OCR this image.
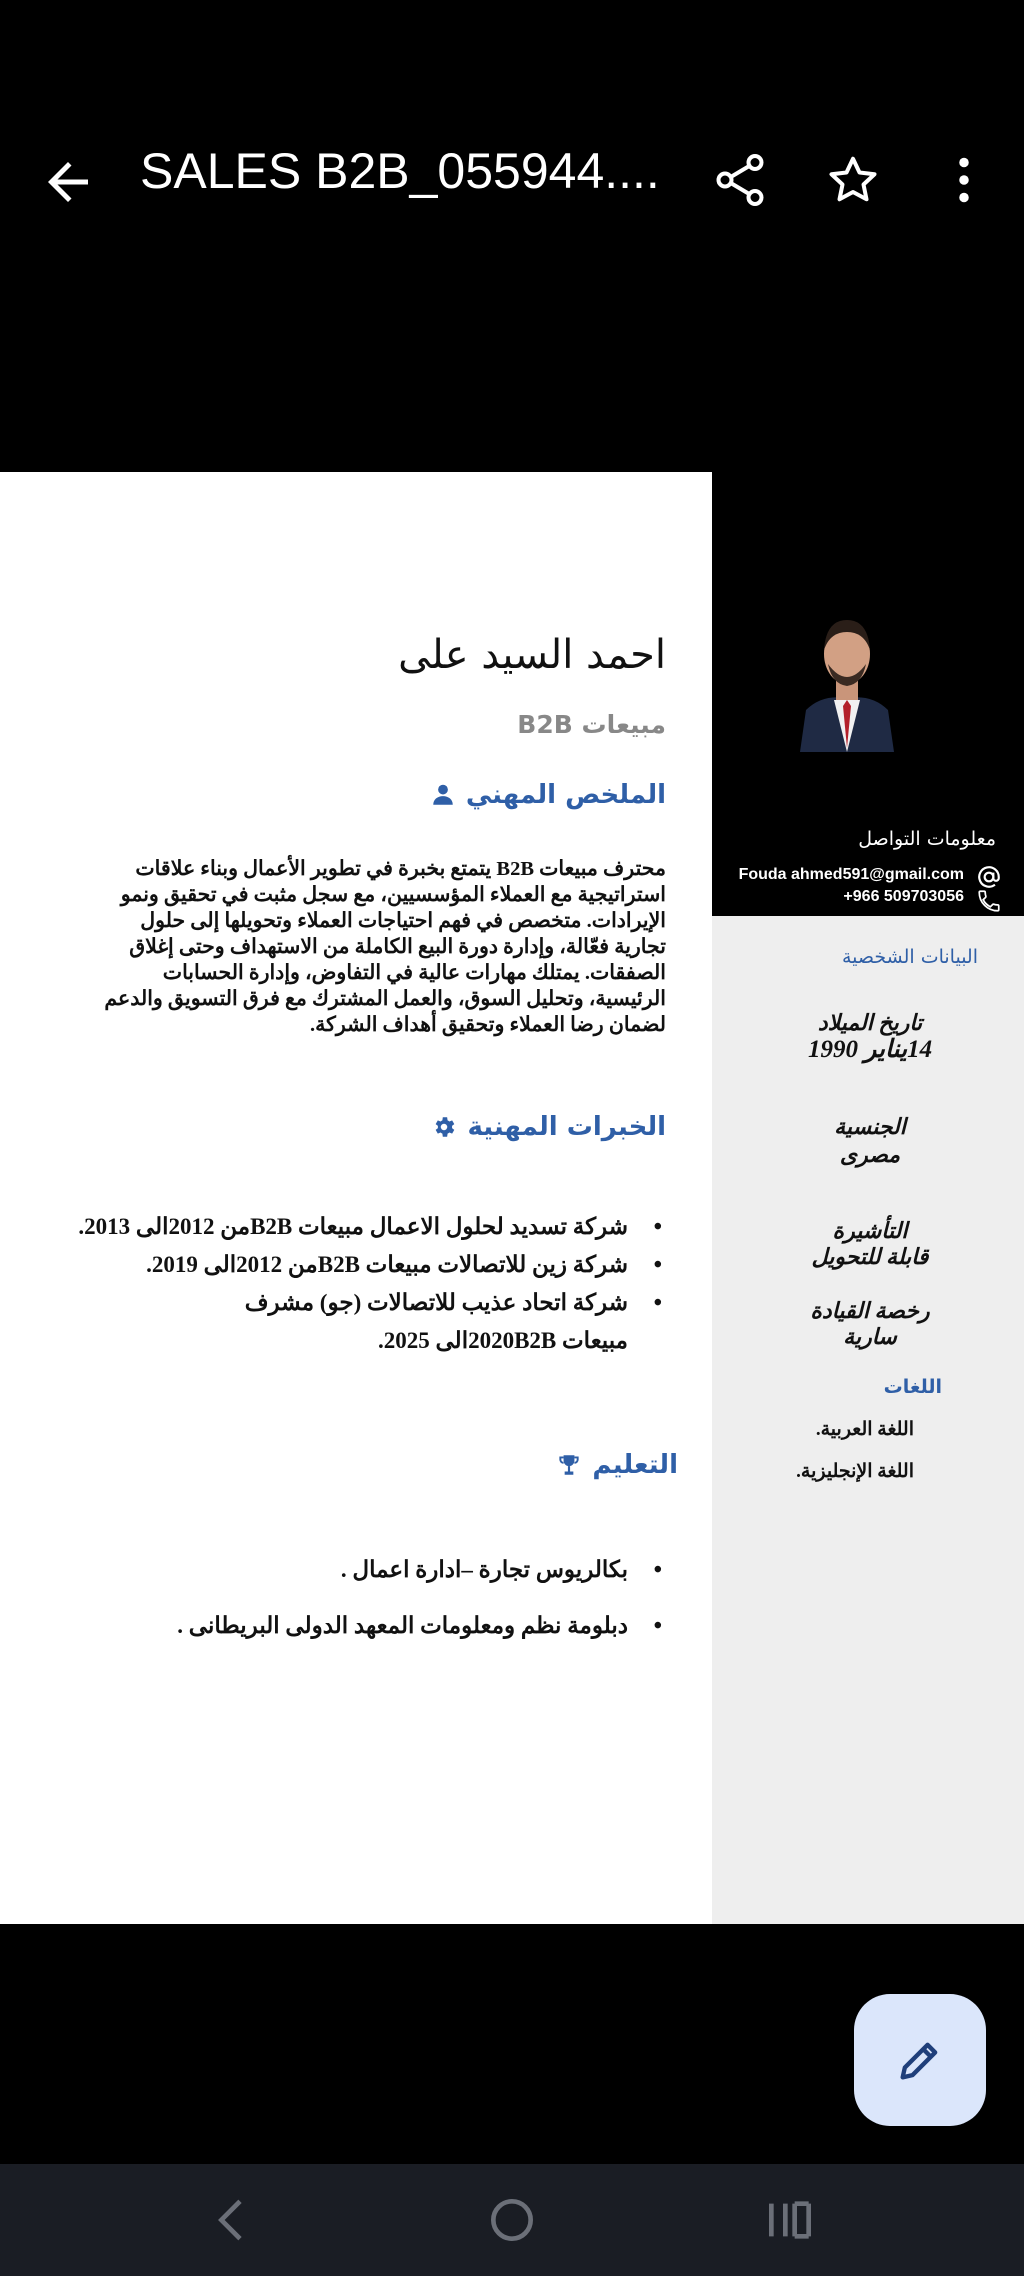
SALES B2B_055944....
معلومات التواصل
Fouda ahmed591@gmail.com
+966 509703056
البيانات الشخصية
تاريخ الميلاد
14يناير 1990
الجنسية
مصرى
التأشيرة
قابلة للتحويل
رخصة القيادة
سارية
اللغات
اللغة العربية.
اللغة الإنجليزية.
احمد السيد على
مبيعات B2B
الملخص المهني
محترف مبيعات B2B يتمتع بخبرة في تطوير الأعمال وبناء علاقات
استراتيجية مع العملاء المؤسسيين، مع سجل مثبت في تحقيق ونمو
الإيرادات. متخصص في فهم احتياجات العملاء وتحويلها إلى حلول
تجارية فعّالة، وإدارة دورة البيع الكاملة من الاستهداف وحتى إغلاق
الصفقات. يمتلك مهارات عالية في التفاوض، وإدارة الحسابات
الرئيسية، وتحليل السوق، والعمل المشترك مع فرق التسويق والدعم
لضمان رضا العملاء وتحقيق أهداف الشركة.
الخبرات المهنية
• شركة تسديد لحلول الاعمال مبيعات B2Bمن 2012الى 2013.
• شركة زين للاتصالات مبيعات B2Bمن 2012الى 2019.
• شركة اتحاد عذيب للاتصالات (جو) مشرف مبيعات 2020B2Bالى 2025.
التعليم
• بكالريوس تجارة –ادارة اعمال .
• دبلومة نظم ومعلومات المعهد الدولى البريطانى .
